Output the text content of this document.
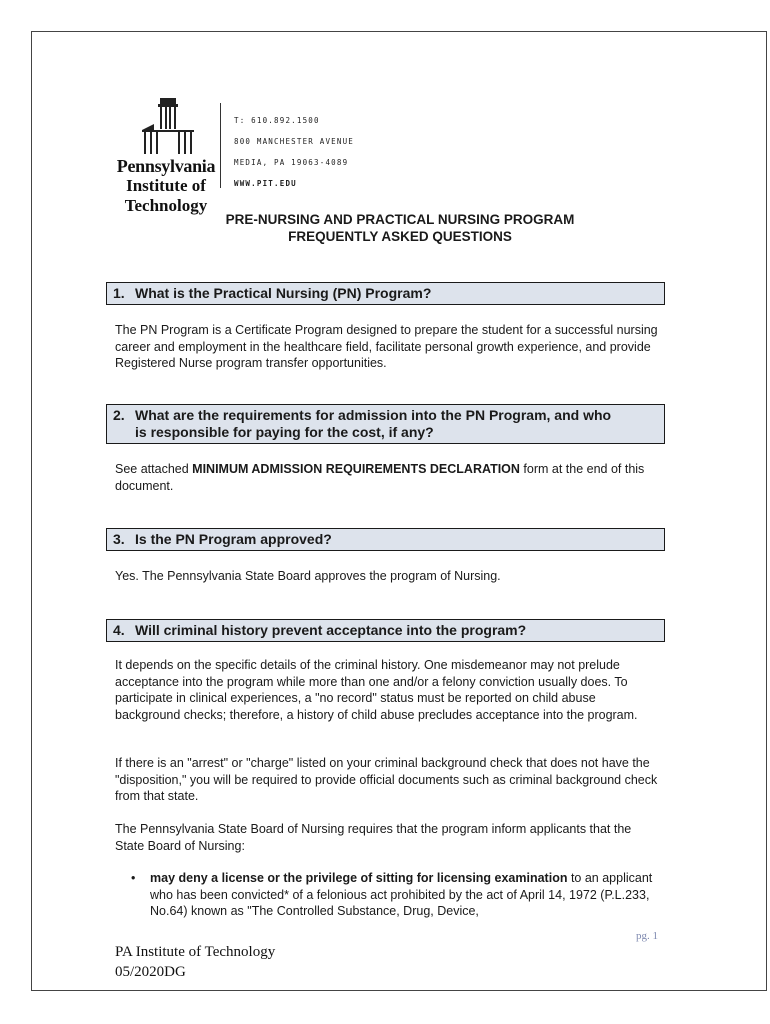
Pennsylvania
Institute of
Technology
T: 610.892.1500
800 MANCHESTER AVENUE
MEDIA, PA 19063-4089
WWW.PIT.EDU
PRE-NURSING AND PRACTICAL NURSING PROGRAM
FREQUENTLY ASKED QUESTIONS
1. What is the Practical Nursing (PN) Program?
The PN Program is a Certificate Program designed to prepare the student for a successful nursing career and employment in the healthcare field, facilitate personal growth experience, and provide Registered Nurse program transfer opportunities.
2. What are the requirements for admission into the PN Program, and who
is responsible for paying for the cost, if any?
See attached MINIMUM ADMISSION REQUIREMENTS DECLARATION form at the end of this document.
3. Is the PN Program approved?
Yes. The Pennsylvania State Board approves the program of Nursing.
4. Will criminal history prevent acceptance into the program?
It depends on the specific details of the criminal history. One misdemeanor may not prelude acceptance into the program while more than one and/or a felony conviction usually does. To participate in clinical experiences, a "no record" status must be reported on child abuse background checks; therefore, a history of child abuse precludes acceptance into the program.
If there is an "arrest" or "charge" listed on your criminal background check that does not have the "disposition," you will be required to provide official documents such as criminal background check from that state.
The Pennsylvania State Board of Nursing requires that the program inform applicants that the State Board of Nursing:
•	may deny a license or the privilege of sitting for licensing examination to an applicant who has been convicted* of a felonious act prohibited by the act of April 14, 1972 (P.L.233, No.64) known as "The Controlled Substance, Drug, Device,
pg. 1
PA Institute of Technology
05/2020DG
